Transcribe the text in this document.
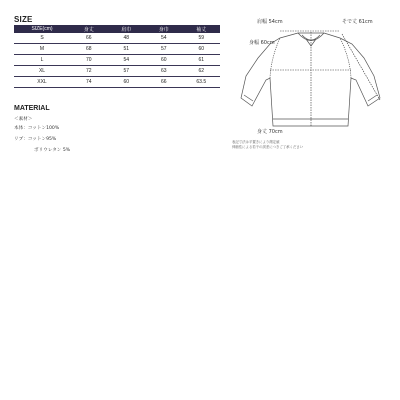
SIZE
SIZE(cm)	身丈	肩巾	身巾	袖丈
S	66	48	54	59
M	68	51	57	60
L	70	54	60	61
XL	72	57	63	62
XXL	74	60	66	63.5
MATERIAL
＜素材＞
本体：コットン100%
リブ：コットン95%
ポリウレタン 5%
肩幅 54cm	そで丈 61cm
身幅 60cm
身丈 70cm
表記寸法は平置きにより測定値
伸縮性による若干の誤差につきご了承ください
